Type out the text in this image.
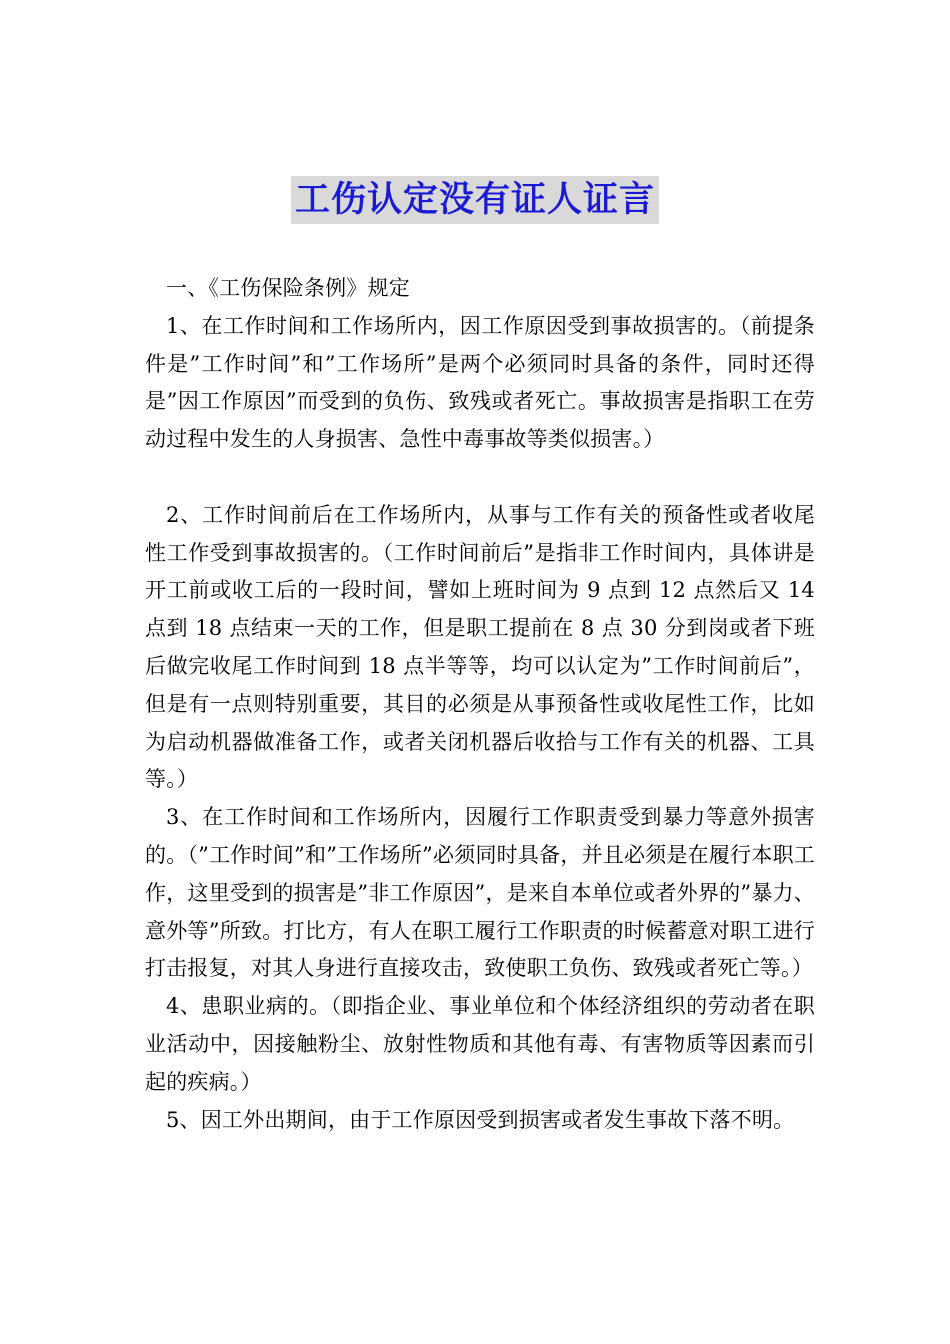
工伤认定没有证人证言

一、《工伤保险条例》规定

1、在工作时间和工作场所内，因工作原因受到事故损害的。（前提条件是”工作时间”和”工作场所”是两个必须同时具备的条件，同时还得是”因工作原因”而受到的负伤、致残或者死亡。事故损害是指职工在劳动过程中发生的人身损害、急性中毒事故等类似损害。）

2、工作时间前后在工作场所内，从事与工作有关的预备性或者收尾性工作受到事故损害的。（工作时间前后”是指非工作时间内，具体讲是开工前或收工后的一段时间，譬如上班时间为 9 点到 12 点然后又 14 点到 18 点结束一天的工作，但是职工提前在 8 点 30 分到岗或者下班后做完收尾工作时间到 18 点半等等，均可以认定为”工作时间前后”，但是有一点则特别重要，其目的必须是从事预备性或收尾性工作，比如为启动机器做准备工作，或者关闭机器后收拾与工作有关的机器、工具等。）

3、在工作时间和工作场所内，因履行工作职责受到暴力等意外损害的。（”工作时间”和”工作场所”必须同时具备，并且必须是在履行本职工作，这里受到的损害是”非工作原因”，是来自本单位或者外界的”暴力、意外等”所致。打比方，有人在职工履行工作职责的时候蓄意对职工进行打击报复，对其人身进行直接攻击，致使职工负伤、致残或者死亡等。）

4、患职业病的。（即指企业、事业单位和个体经济组织的劳动者在职业活动中，因接触粉尘、放射性物质和其他有毒、有害物质等因素而引起的疾病。）

5、因工外出期间，由于工作原因受到损害或者发生事故下落不明。
